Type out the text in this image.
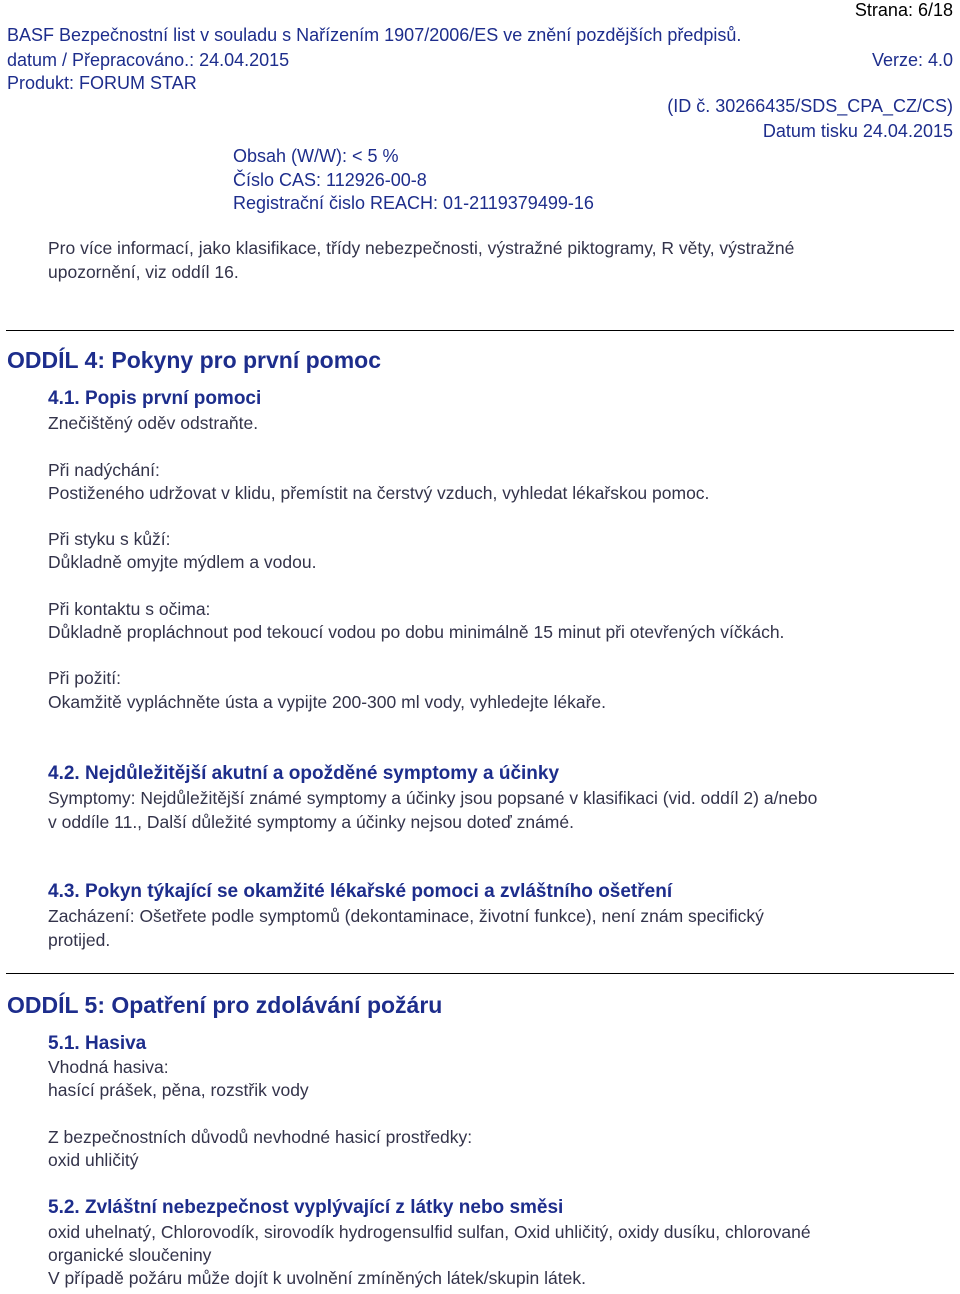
Strana: 6/18
BASF Bezpečnostní list v souladu s Nařízením 1907/2006/ES ve znění pozdějších předpisů.
datum / Přepracováno.: 24.04.2015	Verze: 4.0
Produkt: FORUM STAR
(ID č. 30266435/SDS_CPA_CZ/CS)
Datum tisku 24.04.2015
Obsah (W/W): < 5 %
Číslo CAS: 112926-00-8
Registrační čislo REACH: 01-2119379499-16
Pro více informací, jako klasifikace, třídy nebezpečnosti, výstražné piktogramy, R věty, výstražné
upozornění, viz oddíl 16.
ODDÍL 4: Pokyny pro první pomoc
4.1. Popis první pomoci
Znečištěný oděv odstraňte.
Při nadýchání:
Postiženého udržovat v klidu, přemístit na čerstvý vzduch, vyhledat lékařskou pomoc.
Při styku s kůží:
Důkladně omyjte mýdlem a vodou.
Při kontaktu s očima:
Důkladně propláchnout pod tekoucí vodou po dobu minimálně 15 minut při otevřených víčkách.
Při požití:
Okamžitě vypláchněte ústa a vypijte 200-300 ml vody, vyhledejte lékaře.
4.2. Nejdůležitější akutní a opožděné symptomy a účinky
Symptomy: Nejdůležitější známé symptomy a účinky jsou popsané v klasifikaci (vid. oddíl 2) a/nebo
v oddíle 11., Další důležité symptomy a účinky nejsou doteď známé.
4.3. Pokyn týkající se okamžité lékařské pomoci a zvláštního ošetření
Zacházení: Ošetřete podle symptomů (dekontaminace, životní funkce), není znám specifický
protijed.
ODDÍL 5: Opatření pro zdolávání požáru
5.1. Hasiva
Vhodná hasiva:
hasící prášek, pěna, rozstřik vody
Z bezpečnostních důvodů nevhodné hasicí prostředky:
oxid uhličitý
5.2. Zvláštní nebezpečnost vyplývající z látky nebo směsi
oxid uhelnatý, Chlorovodík, sirovodík hydrogensulfid sulfan, Oxid uhličitý, oxidy dusíku, chlorované
organické sloučeniny
V případě požáru může dojít k uvolnění zmíněných látek/skupin látek.
